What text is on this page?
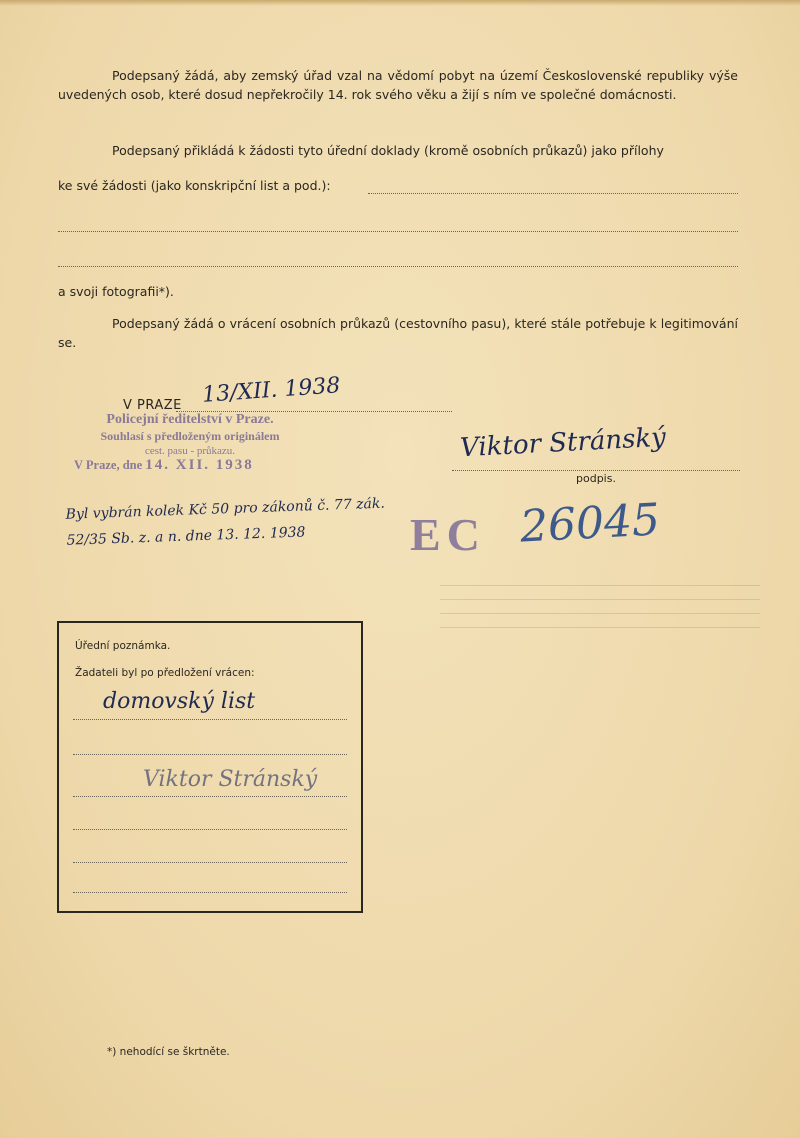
Podepsaný žádá, aby zemský úřad vzal na vědomí pobyt na území Československé republiky výše uvedených osob, které dosud nepřekročily 14. rok svého věku a žijí s ním ve společné domácnosti.
Podepsaný přikládá k žádosti tyto úřední doklady (kromě osobních průkazů) jako přílohy
ke své žádosti (jako konskripční list a pod.):
a svoji fotografii*).
Podepsaný žádá o vrácení osobních průkazů (cestovního pasu), které stále potřebuje k legitimování se.
V PRAZE 13/XII. 1938
Policejní ředitelství v Praze.
Souhlasí s předloženým originálem
cest. pasu - průkazu.
V Praze, dne 14. XII. 1938
Viktor Stránský
podpis.
Byl vybrán kolek Kč 50 pro zákonů č. 77 zák. 52/35 Sb. z. a n. dne 13. 12. 1938	EC 26045
Úřední poznámka.
Žadateli byl po předložení vrácen:
domovský list
Viktor Stránský
*) nehodící se škrtněte.
